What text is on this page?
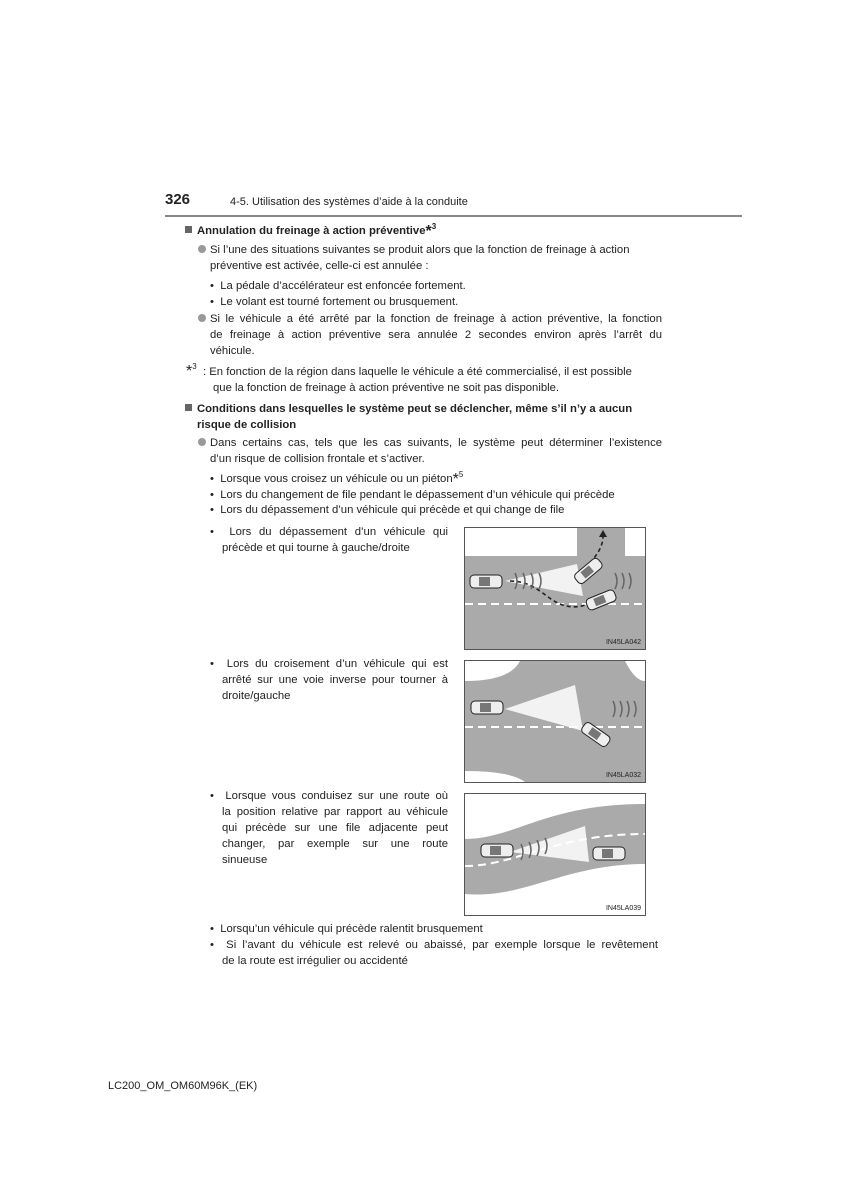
326	4-5. Utilisation des systèmes d’aide à la conduite
Annulation du freinage à action préventive*$^3$
Si l’une des situations suivantes se produit alors que la fonction de freinage à action
préventive est activée, celle-ci est annulée :
•  La pédale d’accélérateur est enfoncée fortement.
•  Le volant est tourné fortement ou brusquement.
Si le véhicule a été arrêté par la fonction de freinage à action préventive, la fonction
de freinage à action préventive sera annulée 2 secondes environ après l’arrêt du
véhicule.
*$^3$ : En fonction de la région dans laquelle le véhicule a été commercialisé, il est possible
que la fonction de freinage à action préventive ne soit pas disponible.
Conditions dans lesquelles le système peut se déclencher, même s’il n’y a aucun
risque de collision
Dans certains cas, tels que les cas suivants, le système peut déterminer l’existence
d’un risque de collision frontale et s’activer.
•  Lorsque vous croisez un véhicule ou un piéton*$^5$
•  Lors du changement de file pendant le dépassement d’un véhicule qui précède
•  Lors du dépassement d’un véhicule qui précède et qui change de file
•  Lors du dépassement d’un véhicule qui
précède et qui tourne à gauche/droite
•  Lors du croisement d’un véhicule qui est
arrêté sur une voie inverse pour tourner à
droite/gauche
•  Lorsque vous conduisez sur une route où
la position relative par rapport au véhicule
qui précède sur une file adjacente peut
changer, par exemple sur une route
sinueuse
IN45LA042
IN45LA032
IN45LA039
•  Lorsqu’un véhicule qui précède ralentit brusquement
•  Si l’avant du véhicule est relevé ou abaissé, par exemple lorsque le revêtement
de la route est irrégulier ou accidenté
LC200_OM_OM60M96K_(EK)
